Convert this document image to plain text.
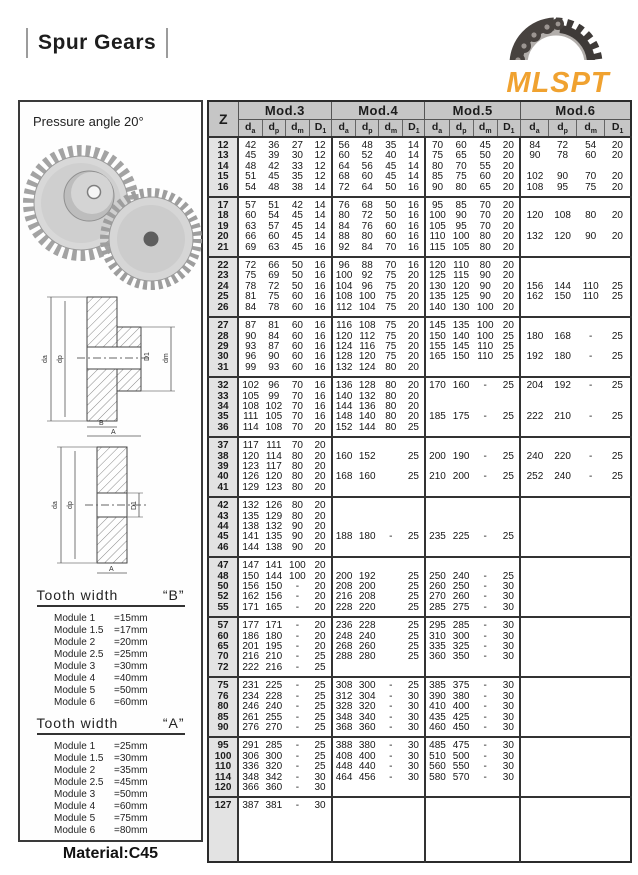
Spur Gears
MLSPT
Pressure angle 20°
da dp	dm
D1
B
A
da dp	D1
A
Tooth width	“B”
Module 1	=15mm
Module 1.5	=17mm
Module 2	=20mm
Module 2.5	=25mm
Module 3	=30mm
Module 4	=40mm
Module 5	=50mm
Module 6	=60mm
Tooth width	“A”
Module 1	=25mm
Module 1.5	=30mm
Module 2	=35mm
Module 2.5	=45mm
Module 3	=50mm
Module 4	=60mm
Module 5	=75mm
Module 6	=80mm
Material:C45
Z	Mod.3				Mod.4				Mod.5				Mod.6			
	$d_a$	$d_p$	$d_m$	$D_1$	$d_a$	$d_p$	$d_m$	$D_1$	$d_a$	$d_p$	$d_m$	$D_1$	$d_a$	$d_p$	$d_m$	$D_1$
12	42	36	27	12	56	48	35	14	70	60	45	20	84	72	54	20
13	45	39	30	12	60	52	40	14	75	65	50	20	90	78	60	20
14	48	42	33	12	64	56	45	14	80	70	55	20				
15	51	45	35	12	68	60	45	14	85	75	60	20	102	90	70	20
16	54	48	38	14	72	64	50	16	90	80	65	20	108	95	75	20
17	57	51	42	14	76	68	50	16	95	85	70	20				
18	60	54	45	14	80	72	50	16	100	90	70	20	120	108	80	20
19	63	57	45	14	84	76	60	16	105	95	70	20				
20	66	60	45	14	88	80	60	16	110	100	80	20	132	120	90	20
21	69	63	45	16	92	84	70	16	115	105	80	20				
22	72	66	50	16	96	88	70	16	120	110	80	20				
23	75	69	50	16	100	92	75	20	125	115	90	20				
24	78	72	50	16	104	96	75	20	130	120	90	20	156	144	110	25
25	81	75	60	16	108	100	75	20	135	125	90	20	162	150	110	25
26	84	78	60	16	112	104	75	20	140	130	100	20				
27	87	81	60	16	116	108	75	20	145	135	100	20				
28	90	84	60	16	120	112	75	20	150	140	100	25	180	168	-	25
29	93	87	60	16	124	116	75	20	155	145	110	25				
30	96	90	60	16	128	120	75	20	165	150	110	25	192	180	-	25
31	99	93	60	16	132	124	80	20								
32	102	96	70	16	136	128	80	20	170	160	-	25	204	192	-	25
33	105	99	70	16	140	132	80	20								
34	108	102	70	16	144	136	80	20								
35	111	105	70	16	148	140	80	20	185	175	-	25	222	210	-	25
36	114	108	70	20	152	144	80	25								
37	117	111	70	20												
38	120	114	80	20	160	152		25	200	190	-	25	240	220	-	25
39	123	117	80	20												
40	126	120	80	20	168	160		25	210	200	-	25	252	240	-	25
41	129	123	80	20												
42	132	126	80	20												
43	135	129	80	20												
44	138	132	90	20												
45	141	135	90	20	188	180	-	25	235	225	-	25				
46	144	138	90	20												
47	147	141	100	20												
48	150	144	100	20	200	192		25	250	240	-	25				
50	156	150	-	20	208	200		25	260	250	-	30				
52	162	156	-	20	216	208		25	270	260	-	30				
55	171	165	-	20	228	220		25	285	275	-	30				
57	177	171	-	20	236	228		25	295	285	-	30				
60	186	180	-	20	248	240		25	310	300	-	30				
65	201	195	-	20	268	260		25	335	325	-	30				
70	216	210	-	25	288	280		25	360	350	-	30				
72	222	216	-	25												
75	231	225	-	25	308	300	-	25	385	375	-	30				
76	234	228	-	25	312	304	-	30	390	380	-	30				
80	246	240	-	25	328	320	-	30	410	400	-	30				
85	261	255	-	25	348	340	-	30	435	425	-	30				
90	276	270	-	25	368	360	-	30	460	450	-	30				
95	291	285	-	25	388	380	-	30	485	475	-	30				
100	306	300	-	25	408	400	-	30	510	500	-	30				
110	336	320	-	25	448	440	-	30	560	550	-	30				
114	348	342	-	30	464	456	-	30	580	570	-	30				
120	366	360	-	30												
127	387	381	-	30												
